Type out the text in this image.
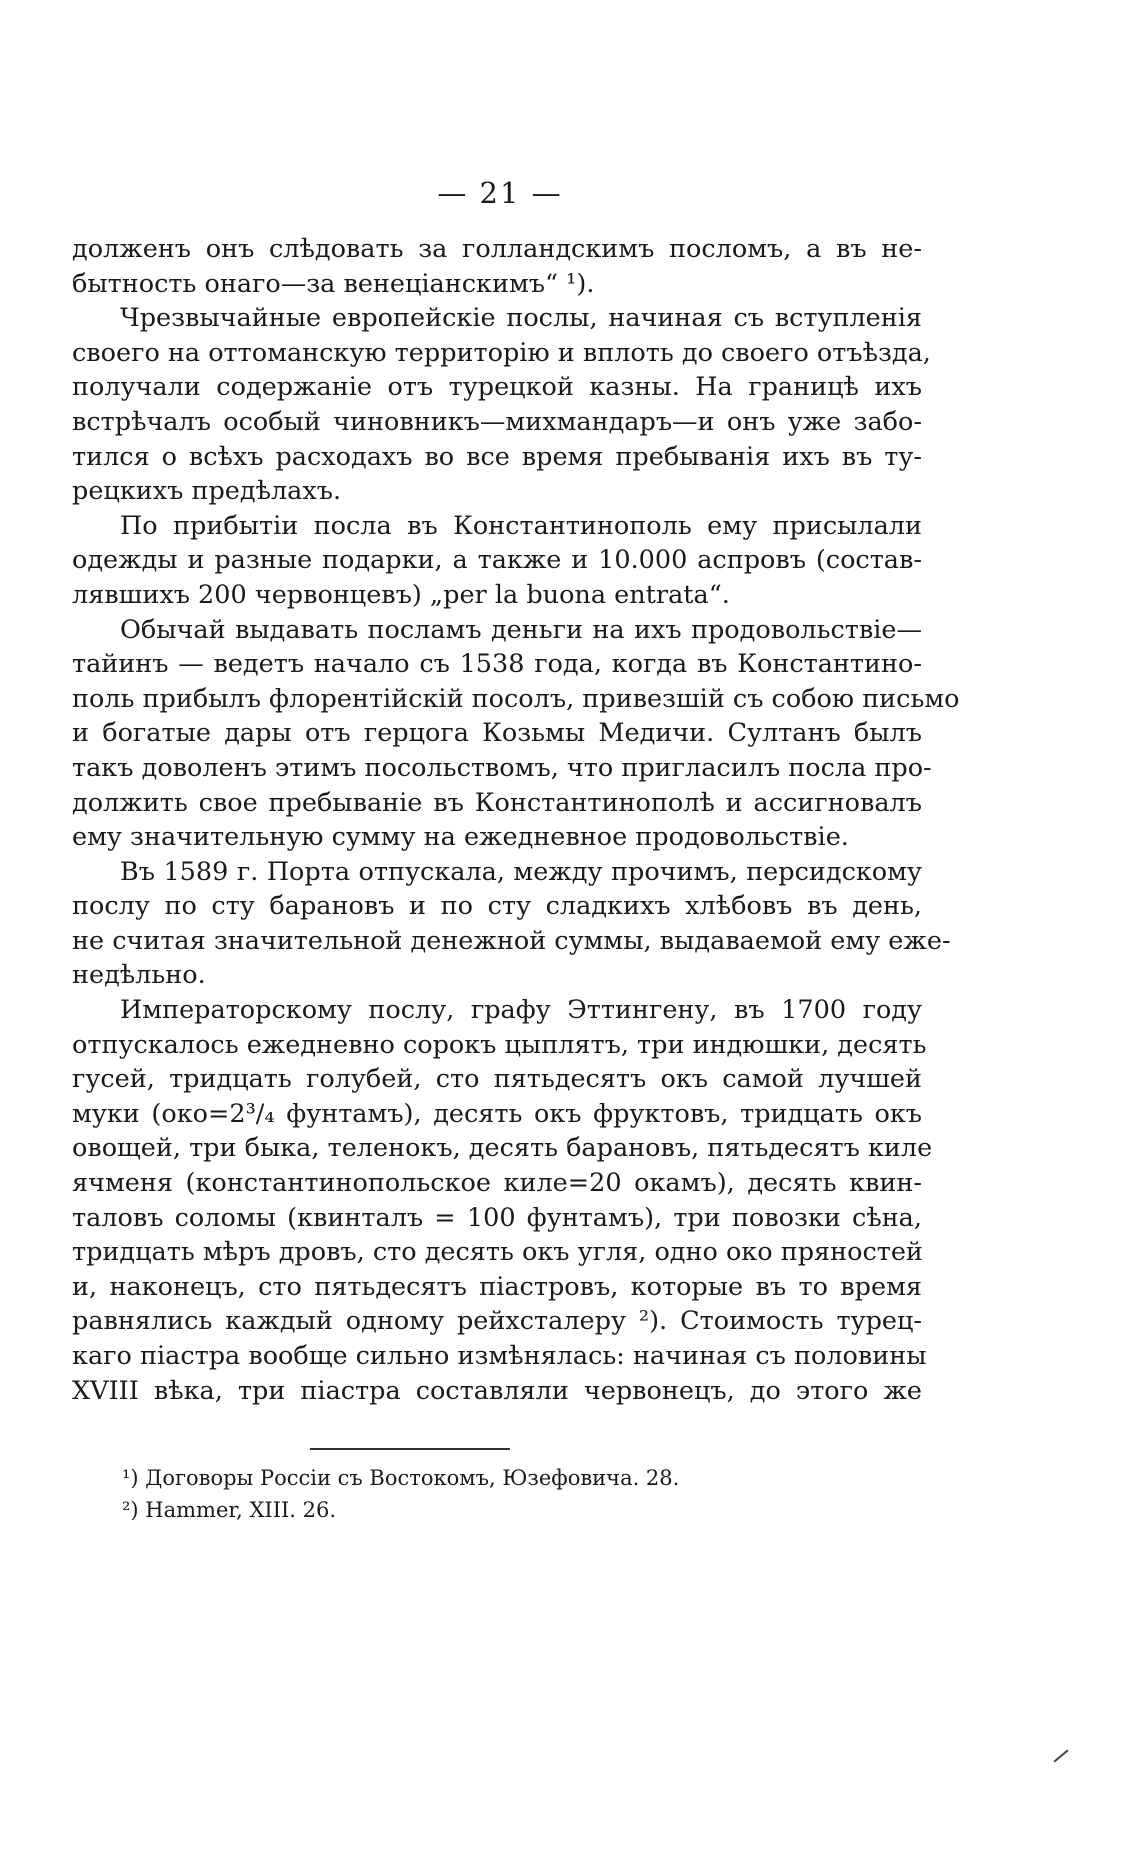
— 21 —
долженъ онъ слѣдовать за голландскимъ посломъ, а въ не-
бытность онаго—за венеціанскимъ“ ¹).
Чрезвычайные европейскіе послы, начиная съ вступленія
своего на оттоманскую территорію и вплоть до своего отъѣзда,
получали содержаніе отъ турецкой казны. На границѣ ихъ
встрѣчалъ особый чиновникъ—михмандаръ—и онъ уже забо-
тился о всѣхъ расходахъ во все время пребыванія ихъ въ ту-
рецкихъ предѣлахъ.
По прибытіи посла въ Константинополь ему присылали
одежды и разные подарки, а также и 10.000 аспровъ (состав-
лявшихъ 200 червонцевъ) „per la buona entrata“.
Обычай выдавать посламъ деньги на ихъ продовольствіе—
тайинъ — ведетъ начало съ 1538 года, когда въ Константино-
поль прибылъ флорентійскій посолъ, привезшій съ собою письмо
и богатые дары отъ герцога Козьмы Медичи. Султанъ былъ
такъ доволенъ этимъ посольствомъ, что пригласилъ посла про-
должить свое пребываніе въ Константинополѣ и ассигновалъ
ему значительную сумму на ежедневное продовольствіе.
Въ 1589 г. Порта отпускала, между прочимъ, персидскому
послу по сту барановъ и по сту сладкихъ хлѣбовъ въ день,
не считая значительной денежной суммы, выдаваемой ему еже-
недѣльно.
Императорскому послу, графу Эттингену, въ 1700 году
отпускалось ежедневно сорокъ цыплятъ, три индюшки, десять
гусей, тридцать голубей, сто пятьдесятъ окъ самой лучшей
муки (око=2³/₄ фунтамъ), десять окъ фруктовъ, тридцать окъ
овощей, три быка, теленокъ, десять барановъ, пятьдесятъ киле
ячменя (константинопольское киле=20 окамъ), десять квин-
таловъ соломы (квинталъ = 100 фунтамъ), три повозки сѣна,
тридцать мѣръ дровъ, сто десять окъ угля, одно око пряностей
и, наконецъ, сто пятьдесятъ піастровъ, которые въ то время
равнялись каждый одному рейхсталеру ²). Стоимость турец-
каго піастра вообще сильно измѣнялась: начиная съ половины
XVIII вѣка, три піастра составляли червонецъ, до этого же
¹) Договоры Россіи съ Востокомъ, Юзефовича. 28.
²) Hammer, XIII. 26.
